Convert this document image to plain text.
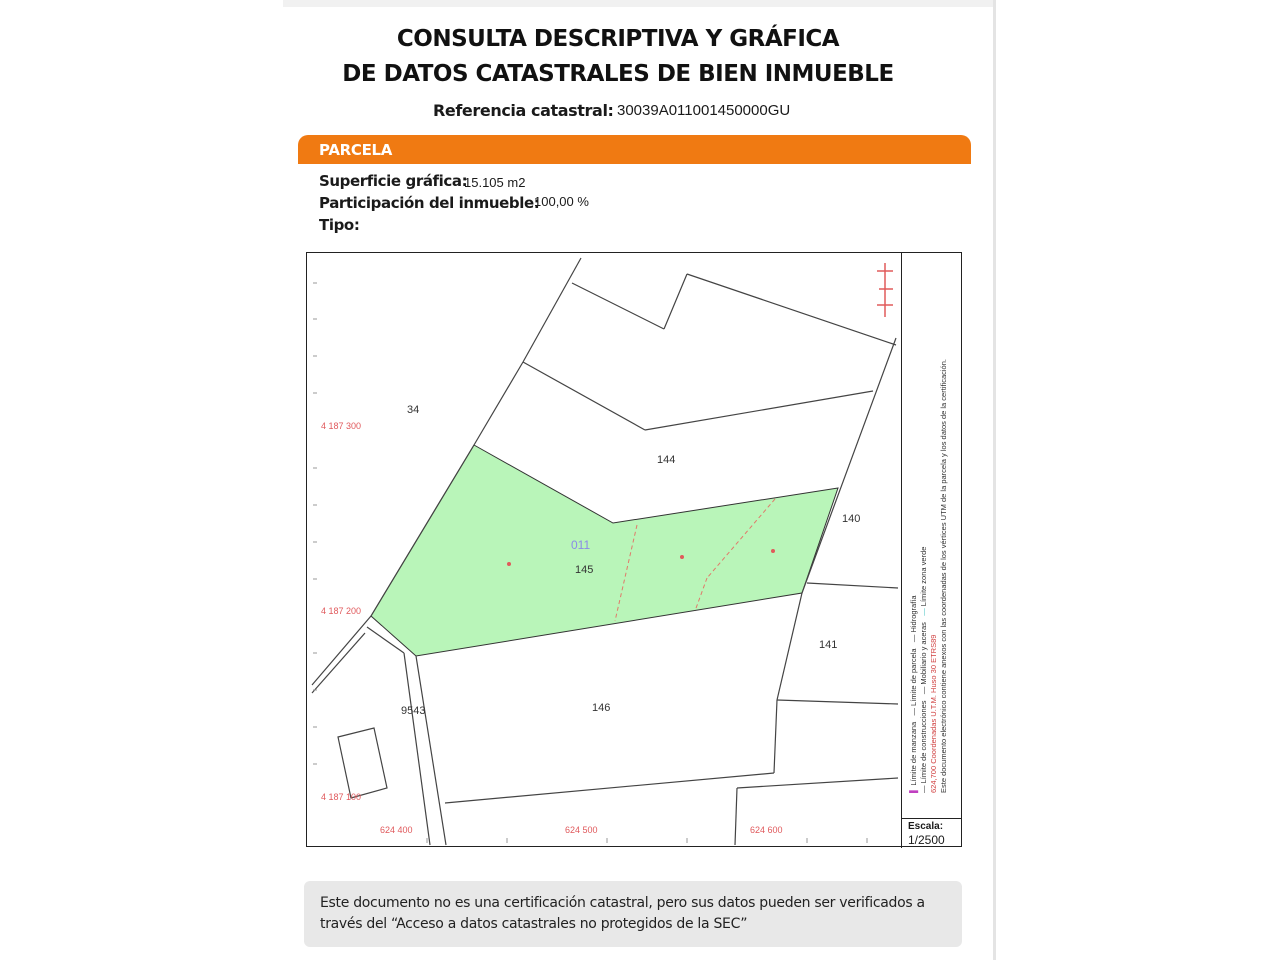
CONSULTA DESCRIPTIVA Y GRÁFICA
DE DATOS CATASTRALES DE BIEN INMUEBLE
Referencia catastral: 30039A011001450000GU
PARCELA
Superficie gráfica:
15.105 m2
Participación del inmueble:
100,00 %
Tipo:
34
144
140
145
141
146
9543
011
4 187 300
4 187 200
4 187 100
624 400	624 500	624 600
▌ Límite de manzana   — Límite de parcela   — Hidrografía
— Límite de construcciones   — Mobiliario y aceras   — Límite zona verde
624,700 Coordenadas U.T.M. Huso 30 ETRS89 Este documento electrónico contiene anexos con las coordenadas de los vértices UTM de la parcela y los datos de la certificación.
Escala:
1/2500
Este documento no es una certificación catastral, pero sus datos pueden ser verificados a través del “Acceso a datos catastrales no protegidos de la SEC”
